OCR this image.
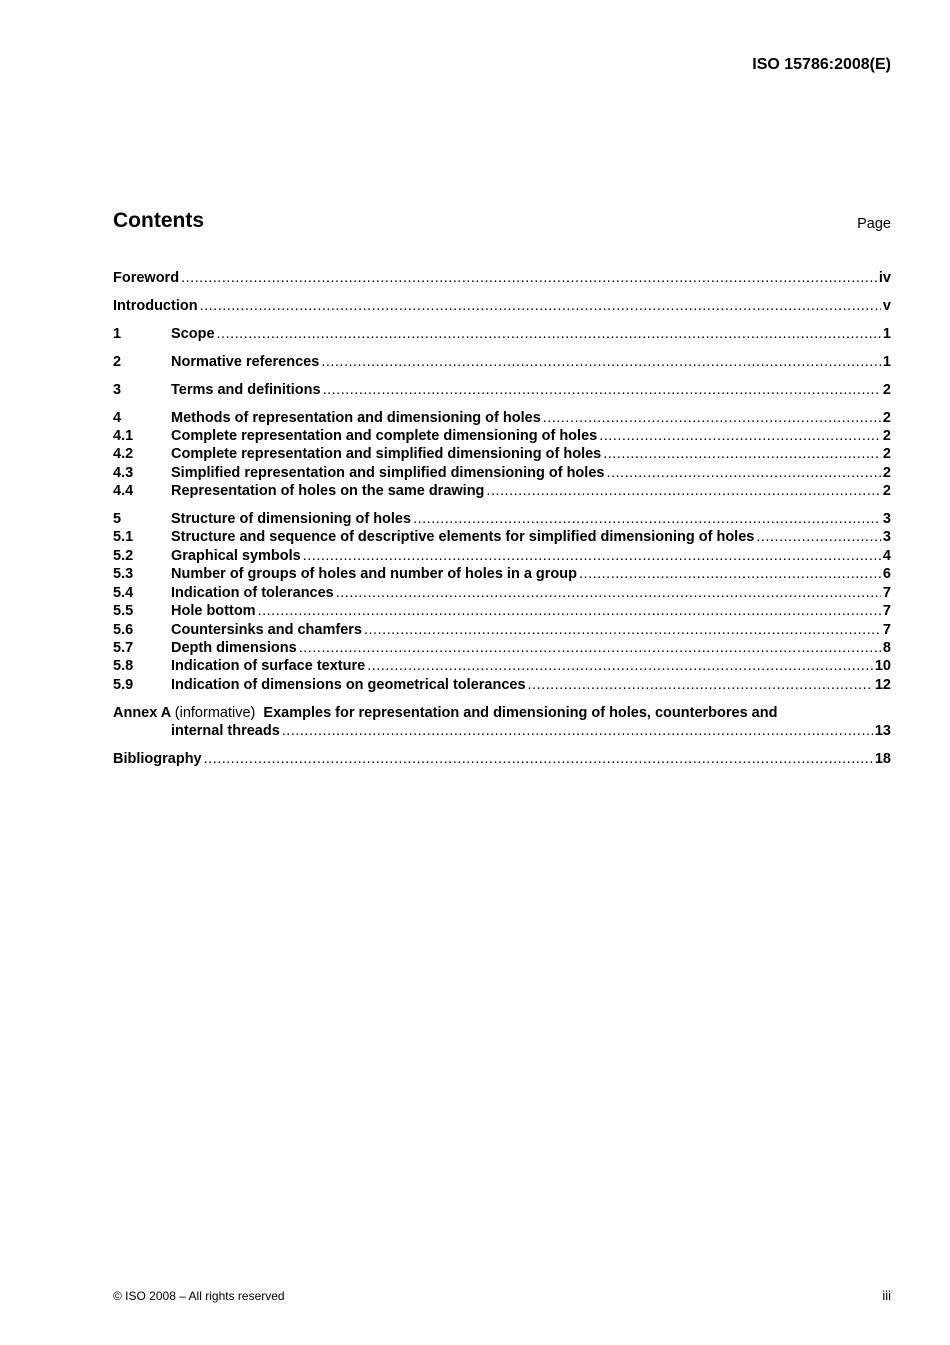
ISO 15786:2008(E)
Contents	Page
Foreword .....	iv
Introduction .....	v
1	Scope .....	1
2	Normative references .....	1
3	Terms and definitions .....	2
4	Methods of representation and dimensioning of holes .....	2
4.1	Complete representation and complete dimensioning of holes .....	2
4.2	Complete representation and simplified dimensioning of holes .....	2
4.3	Simplified representation and simplified dimensioning of holes .....	2
4.4	Representation of holes on the same drawing .....	2
5	Structure of dimensioning of holes .....	3
5.1	Structure and sequence of descriptive elements for simplified dimensioning of holes .....	3
5.2	Graphical symbols .....	4
5.3	Number of groups of holes and number of holes in a group .....	6
5.4	Indication of tolerances .....	7
5.5	Hole bottom .....	7
5.6	Countersinks and chamfers .....	7
5.7	Depth dimensions .....	8
5.8	Indication of surface texture .....	10
5.9	Indication of dimensions on geometrical tolerances .....	12
Annex A (informative) Examples for representation and dimensioning of holes, counterbores and
internal threads .....	13
Bibliography .....	18
© ISO 2008 – All rights reserved	iii
